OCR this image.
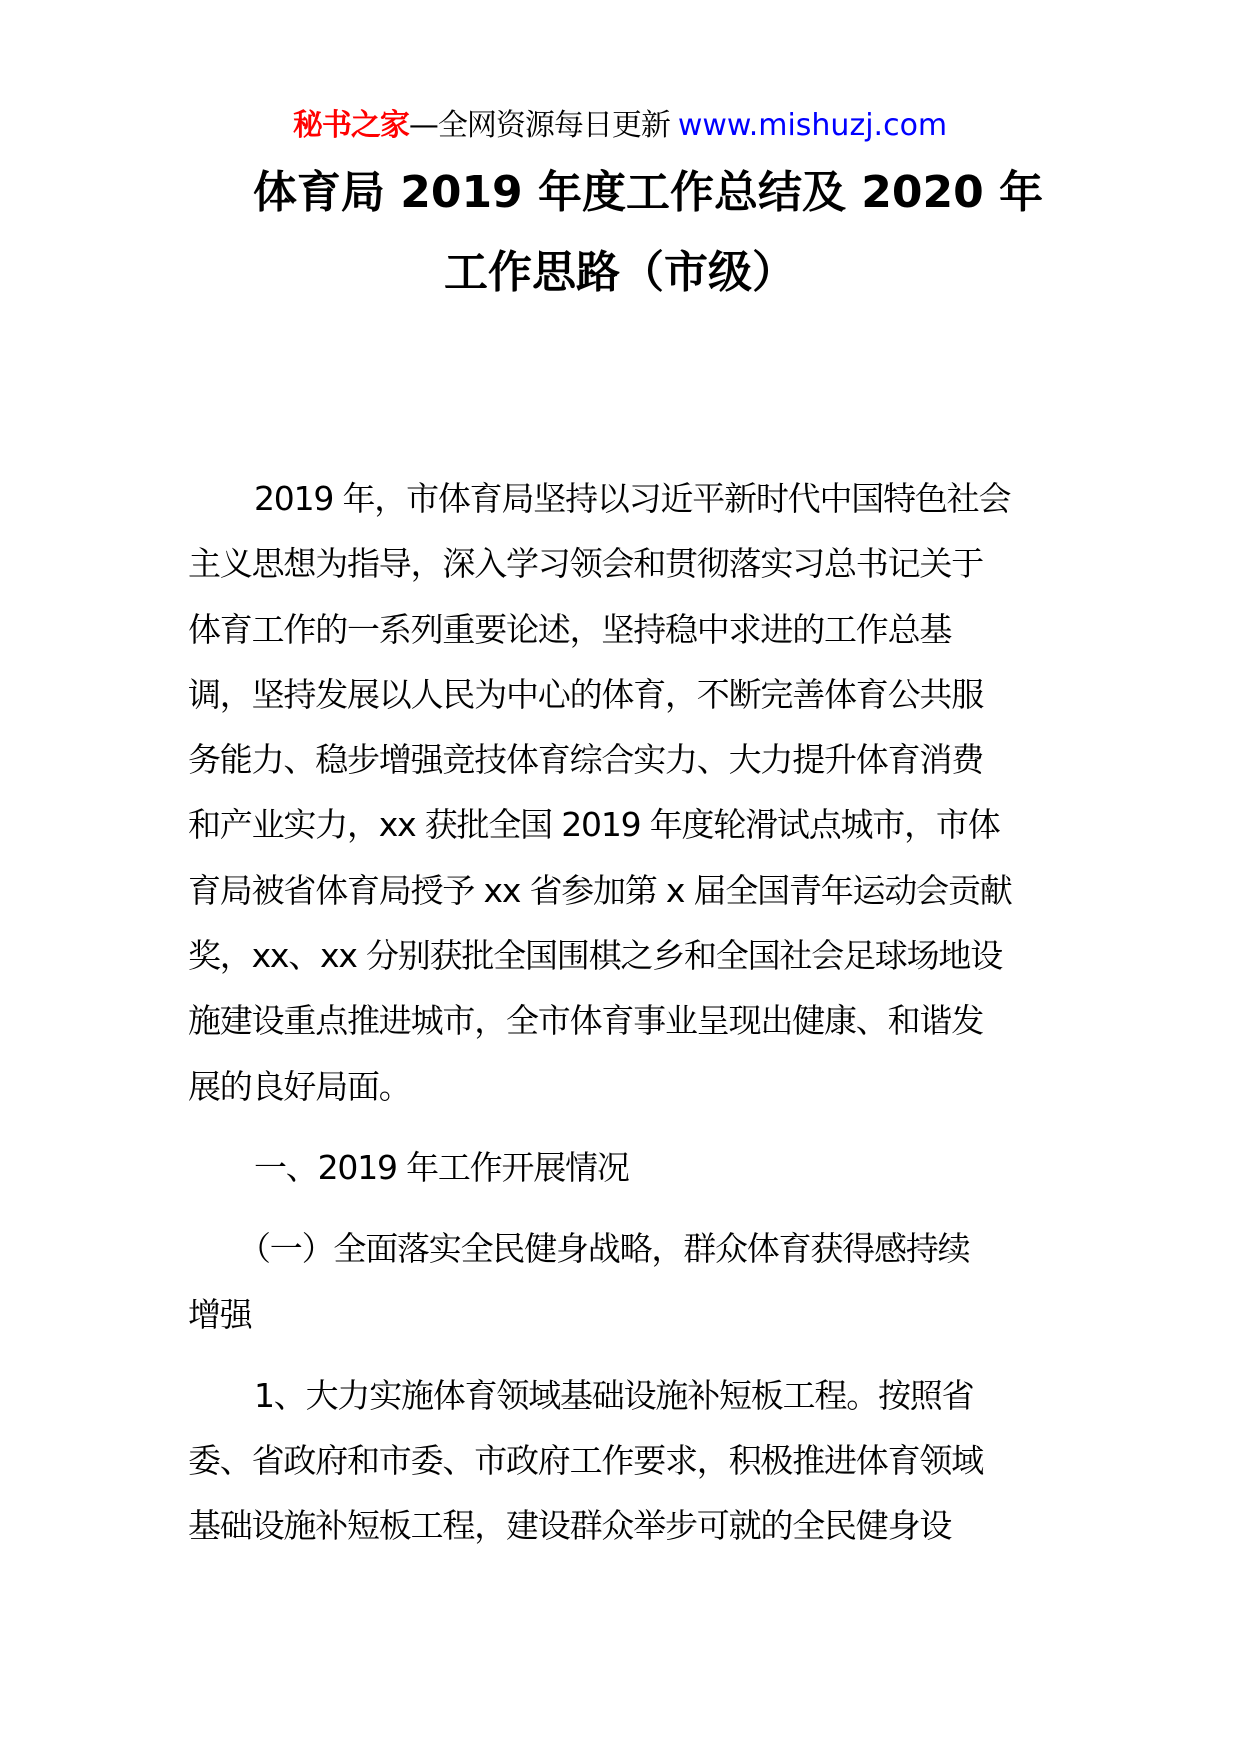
秘书之家—全网资源每日更新 www.mishuzj.com
体育局 2019 年度工作总结及 2020 年
工作思路（市级）

2019 年，市体育局坚持以习近平新时代中国特色社会
主义思想为指导，深入学习领会和贯彻落实习总书记关于
体育工作的一系列重要论述，坚持稳中求进的工作总基
调，坚持发展以人民为中心的体育，不断完善体育公共服
务能力、稳步增强竞技体育综合实力、大力提升体育消费
和产业实力，xx 获批全国 2019 年度轮滑试点城市，市体
育局被省体育局授予 xx 省参加第 x 届全国青年运动会贡献
奖，xx、xx 分别获批全国围棋之乡和全国社会足球场地设
施建设重点推进城市，全市体育事业呈现出健康、和谐发
展的良好局面。

一、2019 年工作开展情况

（一）全面落实全民健身战略，群众体育获得感持续
增强

1、大力实施体育领域基础设施补短板工程。按照省
委、省政府和市委、市政府工作要求，积极推进体育领域
基础设施补短板工程，建设群众举步可就的全民健身设
